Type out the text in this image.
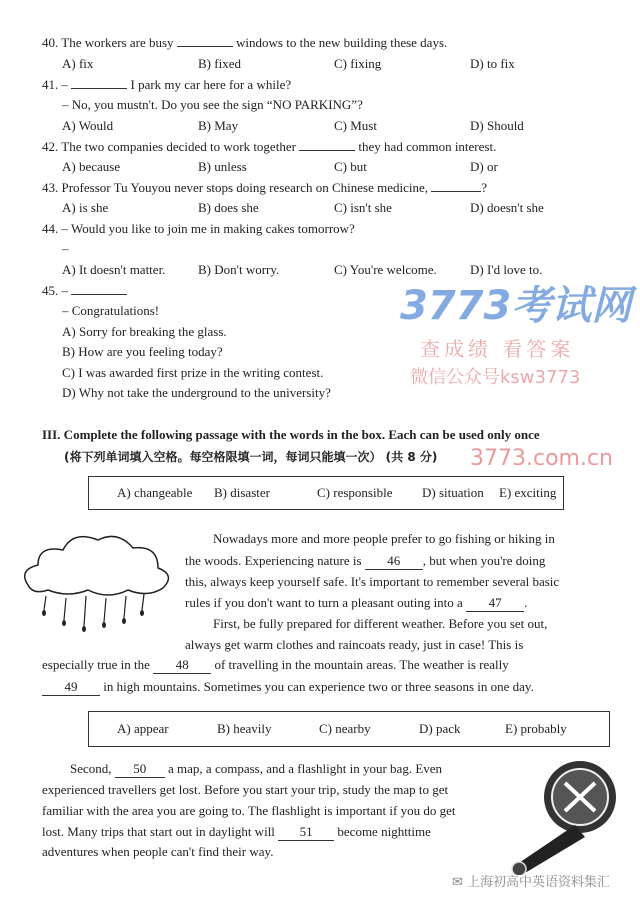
40. The workers are busy	windows to the new building these days.
A) fix	B) fixed	C) fixing	D) to fix
41. –	I park my car here for a while?
– No, you mustn't. Do you see the sign “NO PARKING”?
A) Would	B) May	C) Must	D) Should
42. The two companies decided to work together	they had common interest.
A) because	B) unless	C) but	D) or
43. Professor Tu Youyou never stops doing research on Chinese medicine,	?
A) is she	B) does she	C) isn't she	D) doesn't she
44. – Would you like to join me in making cakes tomorrow?
–
A) It doesn't matter.	B) Don't worry.	C) You're welcome.	D) I'd love to.
45. –
– Congratulations!
A) Sorry for breaking the glass.
B) How are you feeling today?
C) I was awarded first prize in the writing contest.
D) Why not take the underground to the university?
3773考试网
查成绩 看答案
微信公众号ksw3773
III. Complete the following passage with the words in the box. Each can be used only once
(将下列单词填入空格。每空格限填一词，每词只能填一次） (共 8 分) 3773.com.cn
A) changeable B) disaster	C) responsible D) situation E) exciting
Nowadays more and more people prefer to go fishing or hiking in
the woods. Experiencing nature is 46 , but when you're doing
this, always keep yourself safe. It's important to remember several basic
rules if you don't want to turn a pleasant outing into a 47 .
First, be fully prepared for different weather. Before you set out,
always get warm clothes and raincoats ready, just in case! This is
especially true in the 48 of travelling in the mountain areas. The weather is really
49 in high mountains. Sometimes you can experience two or three seasons in one day.
A) appear	B) heavily	C) nearby	D) pack	E) probably
Second, 50 a map, a compass, and a flashlight in your bag. Even
experienced travellers get lost. Before you start your trip, study the map to get
familiar with the area you are going to. The flashlight is important if you do get
lost. Many trips that start out in daylight will 51 become nighttime
adventures when people can't find their way.
✉ 上海初高中英语资料集汇
